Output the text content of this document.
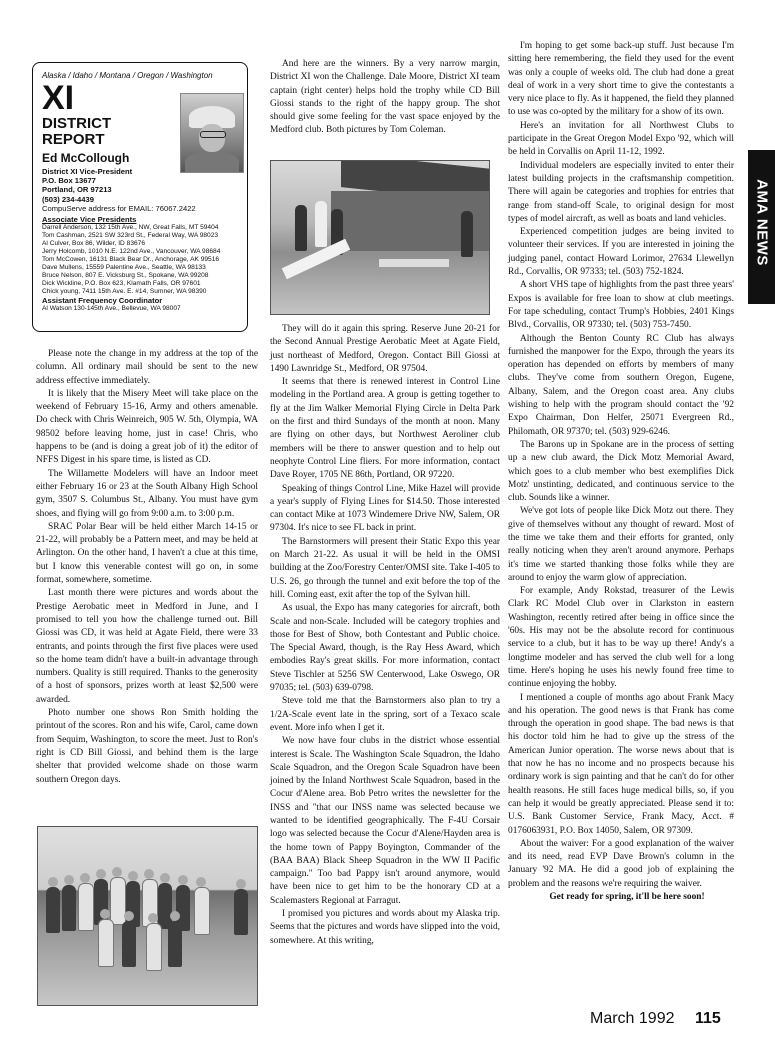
Alaska / Idaho / Montana / Oregon / Washington
XI
DISTRICT
REPORT
Ed McCollough
District XI Vice-President
P.O. Box 13677
Portland, OR 97213
(503) 234-4439
CompuServe address for EMAIL: 76067.2422
Associate Vice Presidents
Darrell Anderson, 132 15th Ave., NW, Great Falls, MT 59404
Tom Cashman, 2521 SW 323rd St., Federal Way, WA 98023
Al Culver, Box 86, Wilder, ID 83676
Jerry Holcomb, 1010 N.E. 122nd Ave., Vancouver, WA 98684
Tom McCowen, 16131 Black Bear Dr., Anchorage, AK 99516
Dave Mullens, 15559 Palentine Ave., Seattle, WA 98133
Bruce Nelson, 807 E. Vicksburg St., Spokane, WA 99208
Dick Wickline, P.O. Box 623, Klamath Falls, OR 97601
Chick young, 7411 15th Ave. E. #14, Sumner, WA 98390
Assistant Frequency Coordinator
Al Watson 130-145th Ave., Bellevue, WA 98007

Please note the change in my address at the top of the column. All ordinary mail should be sent to the new address effective immediately.

It is likely that the Misery Meet will take place on the weekend of February 15-16, Army and others amenable. Do check with Chris Weinreich, 905 W. 5th, Olympia, WA 98502 before leaving home, just in case! Chris, who happens to be (and is doing a great job of it) the editor of NFFS Digest in his spare time, is listed as CD.

The Willamette Modelers will have an Indoor meet either February 16 or 23 at the South Albany High School gym, 3507 S. Columbus St., Albany. You must have gym shoes, and flying will go from 9:00 a.m. to 3:00 p.m.

SRAC Polar Bear will be held either March 14-15 or 21-22, will probably be a Pattern meet, and may be held at Arlington. On the other hand, I haven't a clue at this time, but I know this venerable contest will go on, in some format, somewhere, sometime.

Last month there were pictures and words about the Prestige Aerobatic meet in Medford in June, and I promised to tell you how the challenge turned out. Bill Giossi was CD, it was held at Agate Field, there were 33 entrants, and points through the first five places were used so the home team didn't have a built-in advantage through numbers. Quality is still required. Thanks to the generosity of a host of sponsors, prizes worth at least $2,500 were awarded.

Photo number one shows Ron Smith holding the printout of the scores. Ron and his wife, Carol, came down from Sequim, Washington, to score the meet. Just to Ron's right is CD Bill Giossi, and behind them is the large shelter that provided welcome shade on those warm southern Oregon days.

And here are the winners. By a very narrow margin, District XI won the Challenge. Dale Moore, District XI team captain (right center) helps hold the trophy while CD Bill Giossi stands to the right of the happy group. The shot should give some feeling for the vast space enjoyed by the Medford club. Both pictures by Tom Coleman.

They will do it again this spring. Reserve June 20-21 for the Second Annual Prestige Aerobatic Meet at Agate Field, just northeast of Medford, Oregon. Contact Bill Giossi at 1490 Lawnridge St., Medford, OR 97504.

It seems that there is renewed interest in Control Line modeling in the Portland area. A group is getting together to fly at the Jim Walker Memorial Flying Circle in Delta Park on the first and third Sundays of the month at noon. Many are flying on other days, but Northwest Aeroliner club members will be there to answer question and to help out neophyte Control Line fliers. For more information, contact Dave Royer, 1705 NE 86th, Portland, OR 97220.

Speaking of things Control Line, Mike Hazel will provide a year's supply of Flying Lines for $14.50. Those interested can contact Mike at 1073 Windemere Drive NW, Salem, OR 97304. It's nice to see FL back in print.

The Barnstormers will present their Static Expo this year on March 21-22. As usual it will be held in the OMSI building at the Zoo/Forestry Center/OMSI site. Take I-405 to U.S. 26, go through the tunnel and exit before the top of the hill. Coming east, exit after the top of the Sylvan hill.

As usual, the Expo has many categories for aircraft, both Scale and non-Scale. Included will be category trophies and those for Best of Show, both Contestant and Public choice. The Special Award, though, is the Ray Hess Award, which embodies Ray's great skills. For more information, contact Steve Tischler at 5256 SW Centerwood, Lake Oswego, OR 97035; tel. (503) 639-0798.

Steve told me that the Barnstormers also plan to try a 1/2A-Scale event late in the spring, sort of a Texaco scale event. More info when I get it.

We now have four clubs in the district whose essential interest is Scale. The Washington Scale Squadron, the Idaho Scale Squadron, and the Oregon Scale Squadron have been joined by the Inland Northwest Scale Squadron, based in the Cocur d'Alene area. Bob Petro writes the newsletter for the INSS and "that our INSS name was selected because we wanted to be identified geographically. The F-4U Corsair logo was selected because the Cocur d'Alene/Hayden area is the home town of Pappy Boyington, Commander of the (BAA BAA) Black Sheep Squadron in the WW II Pacific campaign." Too bad Pappy isn't around anymore, would have been nice to get him to be the honorary CD at a Scalemasters Regional at Farragut.

I promised you pictures and words about my Alaska trip. Seems that the pictures and words have slipped into the void, somewhere. At this writing,

I'm hoping to get some back-up stuff. Just because I'm sitting here remembering, the field they used for the event was only a couple of weeks old. The club had done a great deal of work in a very short time to give the contestants a very nice place to fly. As it happened, the field they planned to use was co-opted by the military for a show of its own.

Here's an invitation for all Northwest Clubs to participate in the Great Oregon Model Expo '92, which will be held in Corvallis on April 11-12, 1992.

Individual modelers are especially invited to enter their latest building projects in the craftsmanship competition. There will again be categories and trophies for entries that range from stand-off Scale, to original design for most types of model aircraft, as well as boats and land vehicles.

Experienced competition judges are being invited to volunteer their services. If you are interested in joining the judging panel, contact Howard Lorimor, 27634 Llewellyn Rd., Corvallis, OR 97333; tel. (503) 752-1824.

A short VHS tape of highlights from the past three years' Expos is available for free loan to show at club meetings. For tape scheduling, contact Trump's Hobbies, 2401 Kings Blvd., Corvallis, OR 97330; tel. (503) 753-7450.

Although the Benton County RC Club has always furnished the manpower for the Expo, through the years its operation has depended on efforts by members of many clubs. They've come from southern Oregon, Eugene, Albany, Salem, and the Oregon coast area. Any clubs wishing to help with the program should contact the '92 Expo Chairman, Don Helfer, 25071 Evergreen Rd., Philomath, OR 97370; tel. (503) 929-6246.

The Barons up in Spokane are in the process of setting up a new club award, the Dick Motz Memorial Award, which goes to a club member who best exemplifies Dick Motz' unstinting, dedicated, and continuous service to the club. Sounds like a winner.

We've got lots of people like Dick Motz out there. They give of themselves without any thought of reward. Most of the time we take them and their efforts for granted, only really noticing when they aren't around anymore. Perhaps it's time we started thanking those folks while they are around to enjoy the warm glow of appreciation.

For example, Andy Rokstad, treasurer of the Lewis Clark RC Model Club over in Clarkston in eastern Washington, recently retired after being in office since the '60s. His may not be the absolute record for continuous service to a club, but it has to be way up there! Andy's a longtime modeler and has served the club well for a long time. Here's hoping he uses his newly found free time to continue enjoying the hobby.

I mentioned a couple of months ago about Frank Macy and his operation. The good news is that Frank has come through the operation in good shape. The bad news is that his doctor told him he had to give up the stress of the American Junior operation. The worse news about that is that now he has no income and no prospects because his ordinary work is sign painting and that he can't do for other health reasons. He still faces huge medical bills, so, if you can help it would be greatly appreciated. Please send it to: U.S. Bank Customer Service, Frank Macy, Acct. # 0176063931, P.O. Box 14050, Salem, OR 97309.

About the waiver: For a good explanation of the waiver and its need, read EVP Dave Brown's column in the January '92 MA. He did a good job of explaining the problem and the reasons we're requiring the waiver.

Get ready for spring, it'll be here soon!

AMA NEWS
March 1992 115
